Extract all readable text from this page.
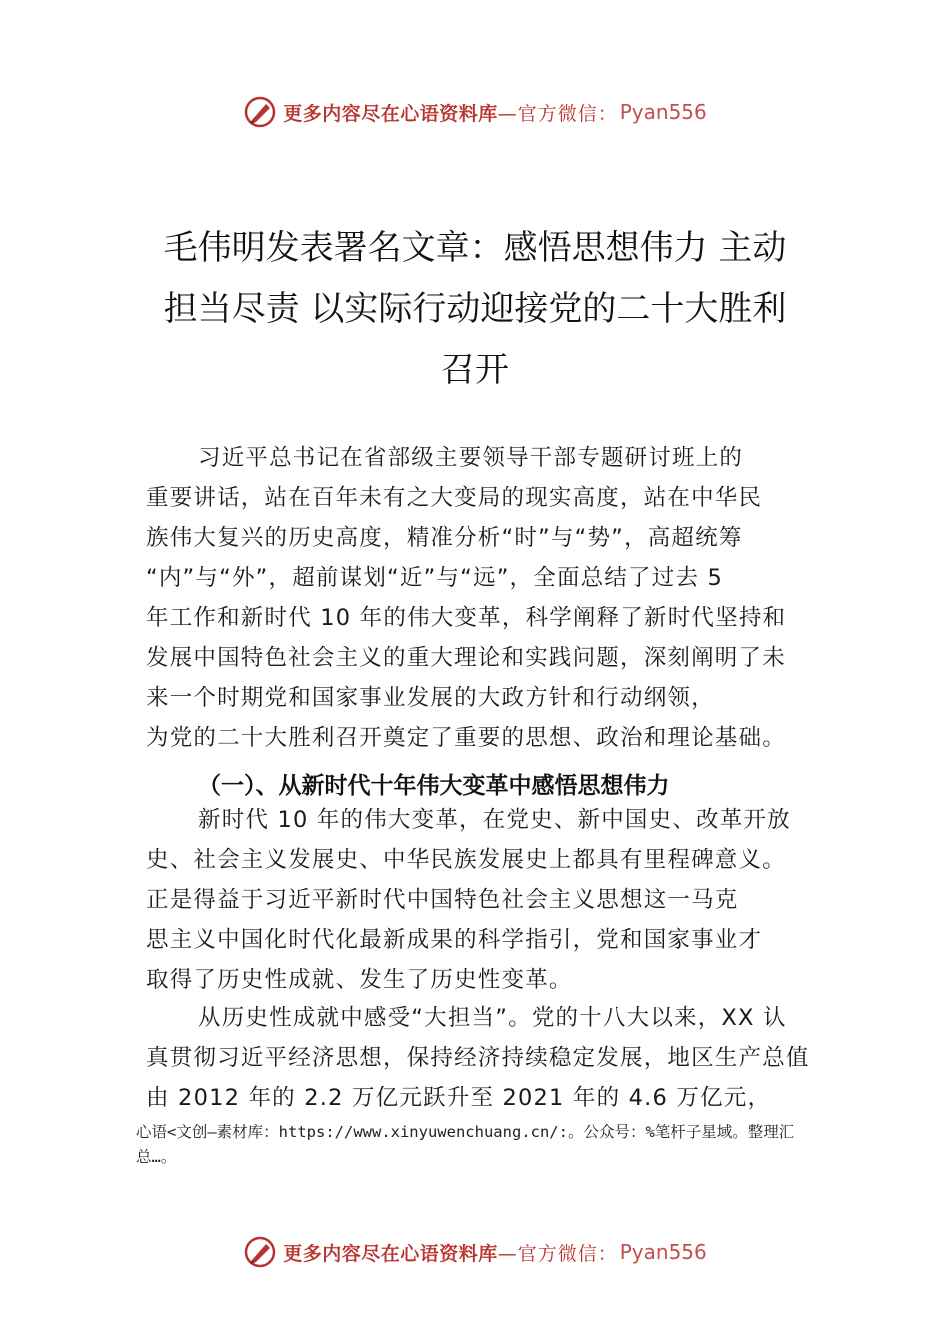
更多内容尽在心语资料库 —官方微信： Pyan556
毛伟明发表署名文章：感悟思想伟力 主动
担当尽责 以实际行动迎接党的二十大胜利
召开
习近平总书记在省部级主要领导干部专题研讨班上的
重要讲话，站在百年未有之大变局的现实高度，站在中华民
族伟大复兴的历史高度，精准分析“时”与“势”，高超统筹
“内”与“外”，超前谋划“近”与“远”，全面总结了过去 5
年工作和新时代 10 年的伟大变革，科学阐释了新时代坚持和
发展中国特色社会主义的重大理论和实践问题，深刻阐明了未
来一个时期党和国家事业发展的大政方针和行动纲领，
为党的二十大胜利召开奠定了重要的思想、政治和理论基础。
（一）、从新时代十年伟大变革中感悟思想伟力
新时代 10 年的伟大变革，在党史、新中国史、改革开放
史、社会主义发展史、中华民族发展史上都具有里程碑意义。
正是得益于习近平新时代中国特色社会主义思想这一马克
思主义中国化时代化最新成果的科学指引，党和国家事业才
取得了历史性成就、发生了历史性变革。
从历史性成就中感受“大担当”。党的十八大以来，XX 认
真贯彻习近平经济思想，保持经济持续稳定发展，地区生产总值
由 2012 年的 2.2 万亿元跃升至 2021 年的 4.6 万亿元，
心语<文创—素材库：https://www.xinyuwenchuang.cn/:。公众号：%笔杆子星域。整理汇
总…。
更多内容尽在心语资料库 —官方微信： Pyan556
